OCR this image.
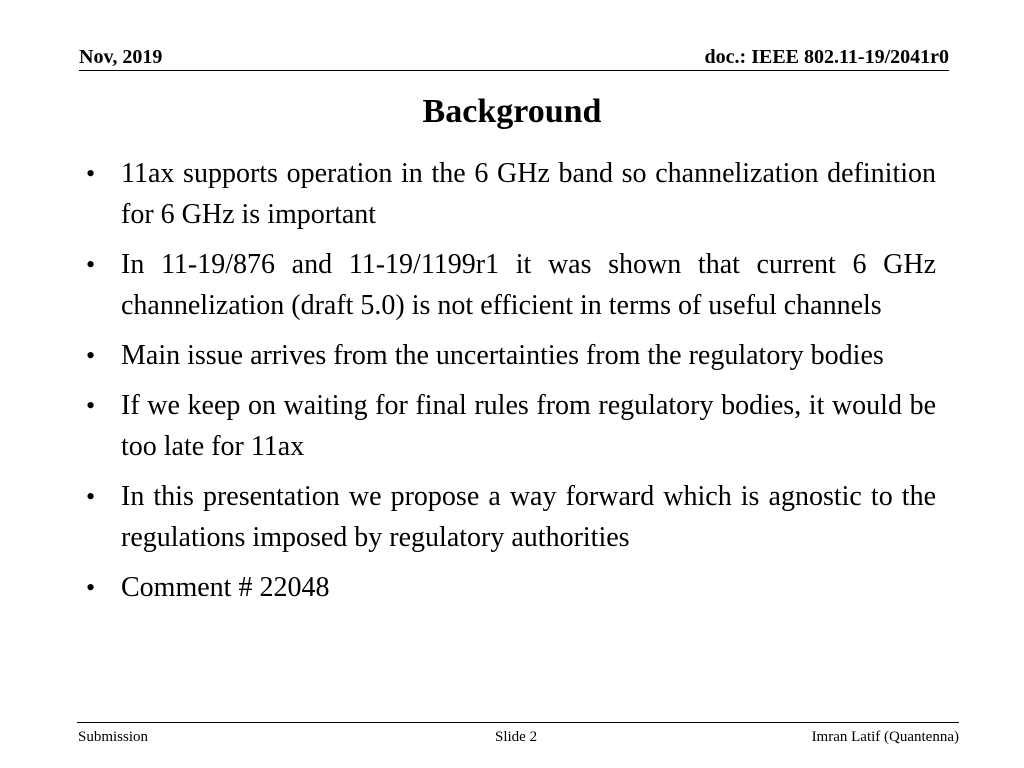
Nov, 2019	doc.: IEEE 802.11-19/2041r0
Background
• 11ax supports operation in the 6 GHz band so channelization definition for 6 GHz is important
• In 11-19/876 and 11-19/1199r1 it was shown that current 6 GHz channelization (draft 5.0) is not efficient in terms of useful channels
• Main issue arrives from the uncertainties from the regulatory bodies
• If we keep on waiting for final rules from regulatory bodies, it would be too late for 11ax
• In this presentation we propose a way forward which is agnostic to the regulations imposed by regulatory authorities
• Comment # 22048
Submission	Slide 2	Imran Latif (Quantenna)
